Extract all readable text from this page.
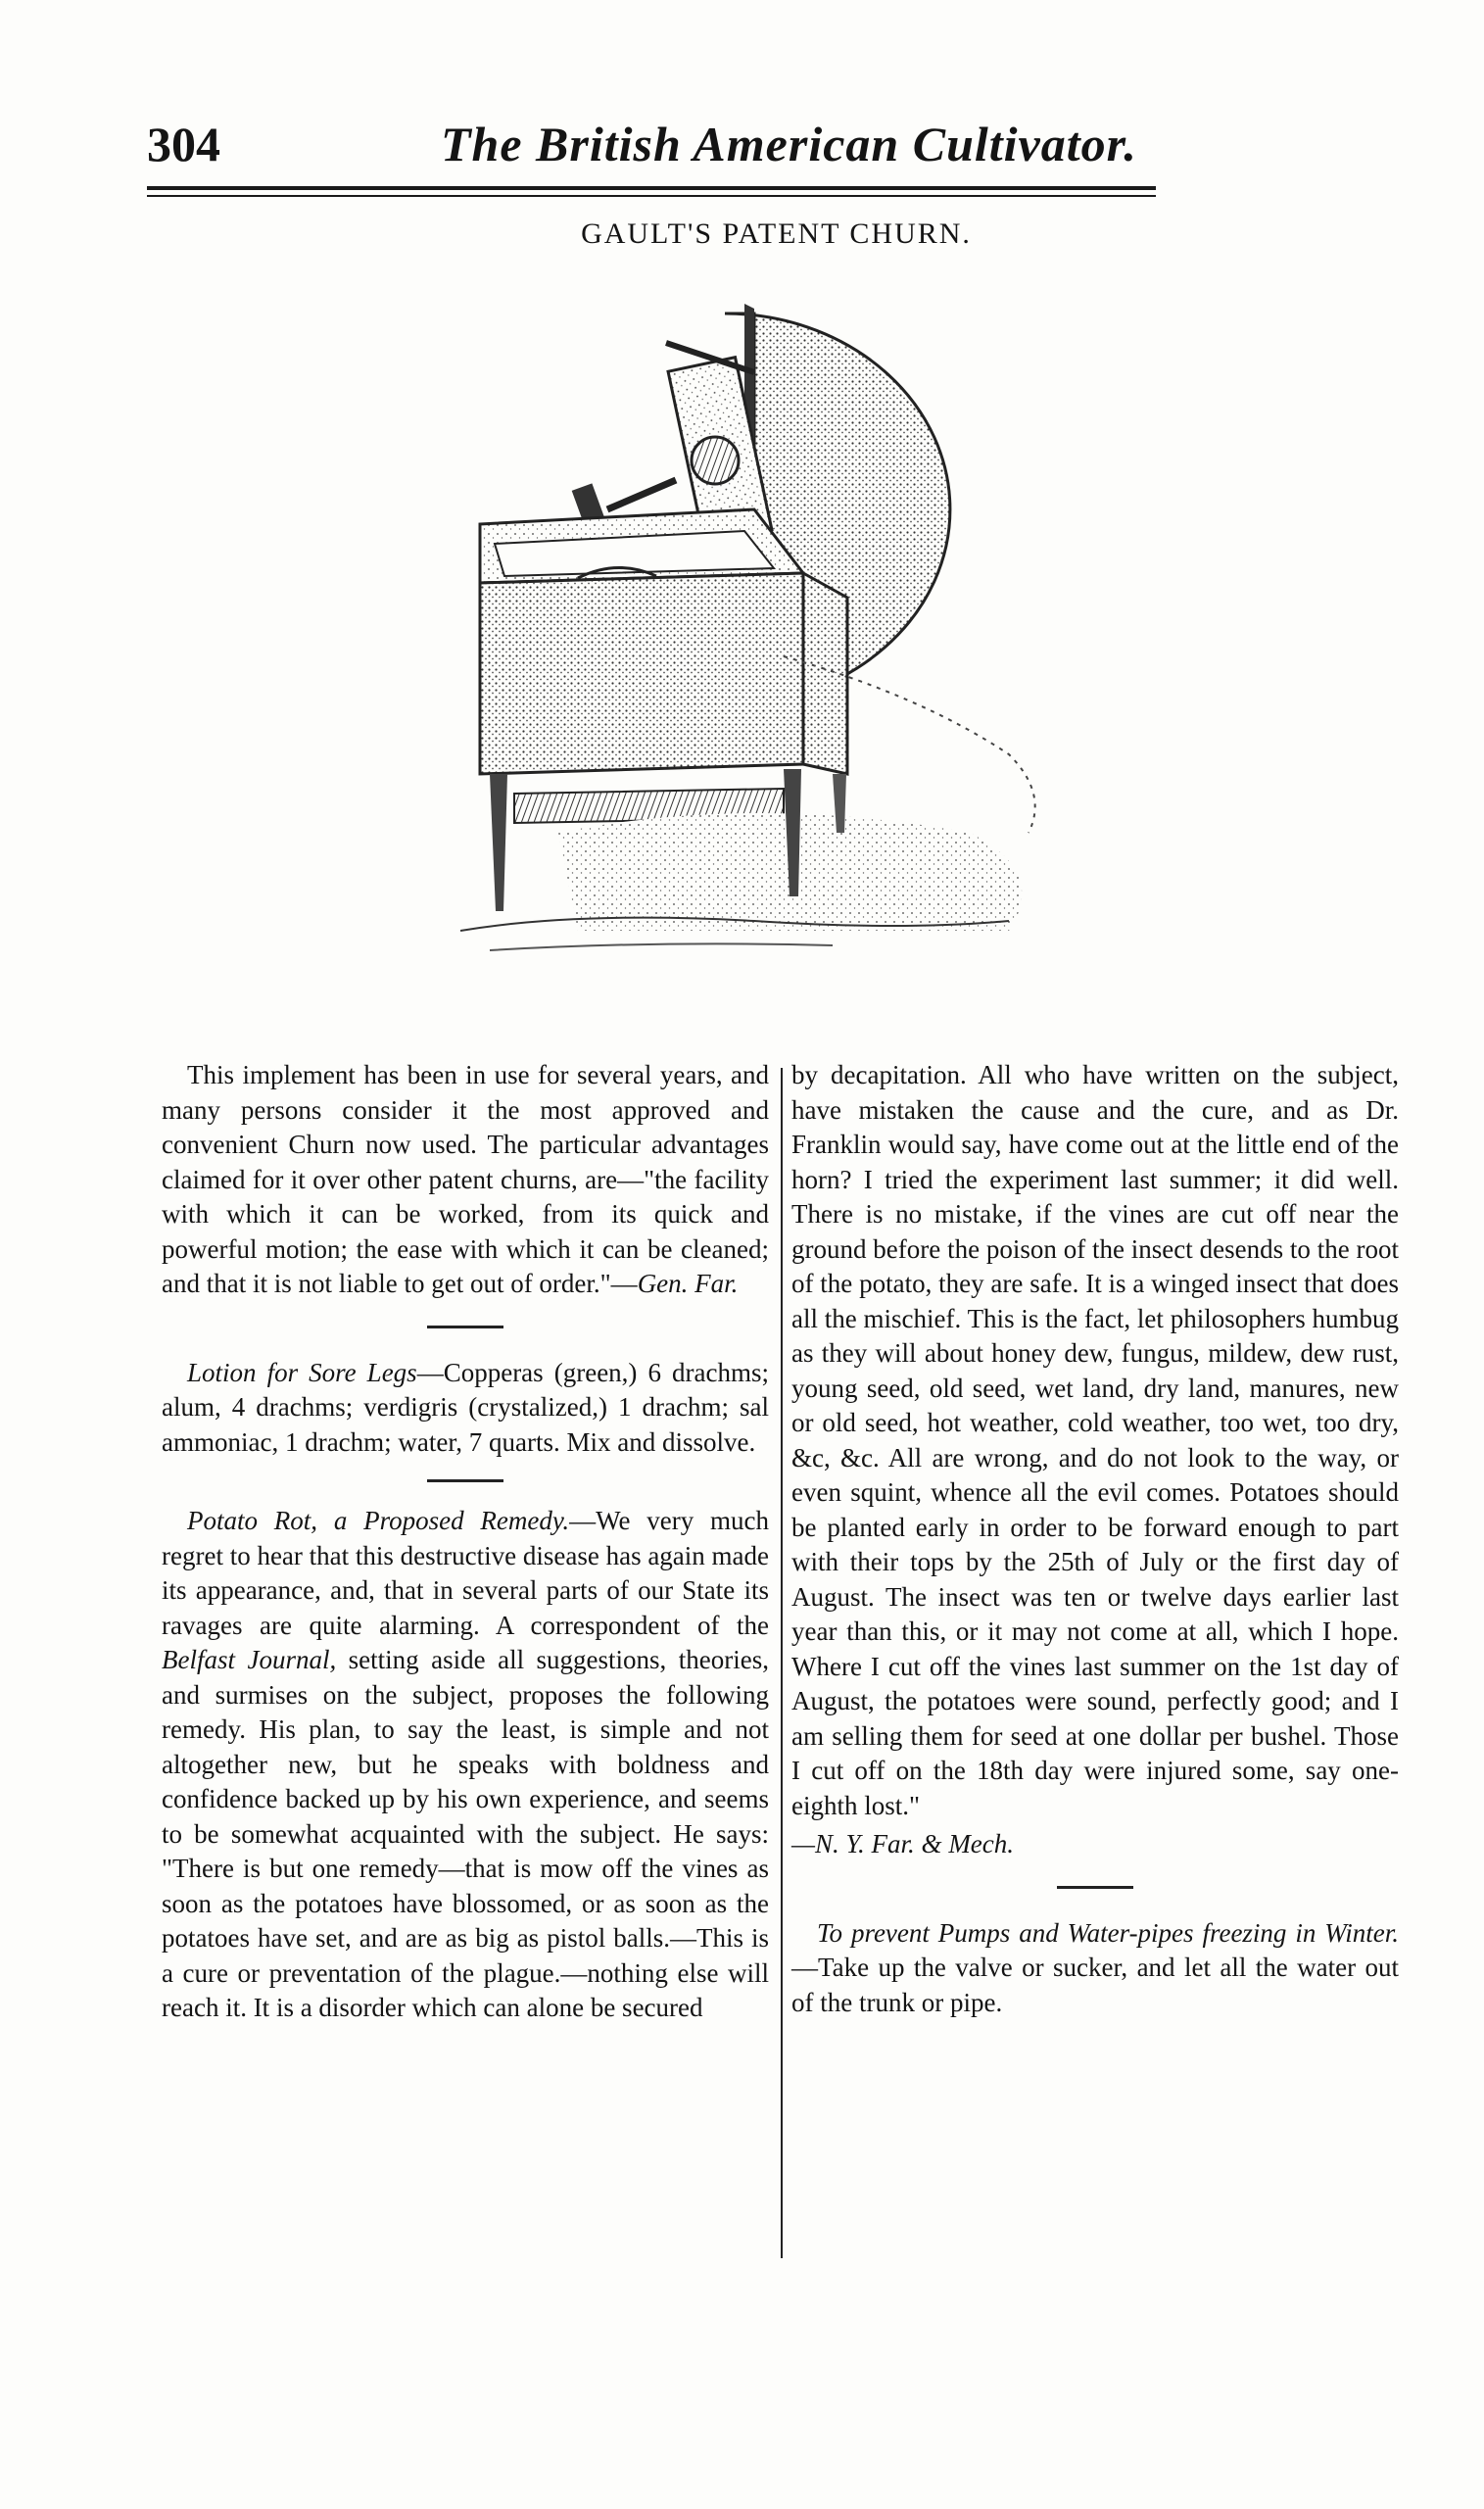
304	The British American Cultivator.
GAULT'S PATENT CHURN.

This implement has been in use for several years, and many persons consider it the most approved and convenient Churn now used. The particular advantages claimed for it over other patent churns, are—"the facility with which it can be worked, from its quick and powerful motion; the ease with which it can be cleaned; and that it is not liable to get out of order."—Gen. Far.

Lotion for Sore Legs—Copperas (green,) 6 drachms; alum, 4 drachms; verdigris (crystalized,) 1 drachm; sal ammoniac, 1 drachm; water, 7 quarts. Mix and dissolve.

Potato Rot, a Proposed Remedy.—We very much regret to hear that this destructive disease has again made its appearance, and, that in several parts of our State its ravages are quite alarming. A correspondent of the Belfast Journal, setting aside all suggestions, theories, and surmises on the subject, proposes the following remedy. His plan, to say the least, is simple and not altogether new, but he speaks with boldness and confidence backed up by his own experience, and seems to be somewhat acquainted with the subject. He says: "There is but one remedy—that is mow off the vines as soon as the potatoes have blossomed, or as soon as the potatoes have set, and are as big as pistol balls.—This is a cure or preventation of the plague.—nothing else will reach it. It is a disorder which can alone be secured

by decapitation. All who have written on the subject, have mistaken the cause and the cure, and as Dr. Franklin would say, have come out at the little end of the horn? I tried the experiment last summer; it did well. There is no mistake, if the vines are cut off near the ground before the poison of the insect desends to the root of the potato, they are safe. It is a winged insect that does all the mischief. This is the fact, let philosophers humbug as they will about honey dew, fungus, mildew, dew rust, young seed, old seed, wet land, dry land, manures, new or old seed, hot weather, cold weather, too wet, too dry, &c, &c. All are wrong, and do not look to the way, or even squint, whence all the evil comes. Potatoes should be planted early in order to be forward enough to part with their tops by the 25th of July or the first day of August. The insect was ten or twelve days earlier last year than this, or it may not come at all, which I hope. Where I cut off the vines last summer on the 1st day of August, the potatoes were sound, perfectly good; and I am selling them for seed at one dollar per bushel. Those I cut off on the 18th day were injured some, say one-eighth lost."
—N. Y. Far. & Mech.

To prevent Pumps and Water-pipes freezing in Winter.—Take up the valve or sucker, and let all the water out of the trunk or pipe.
